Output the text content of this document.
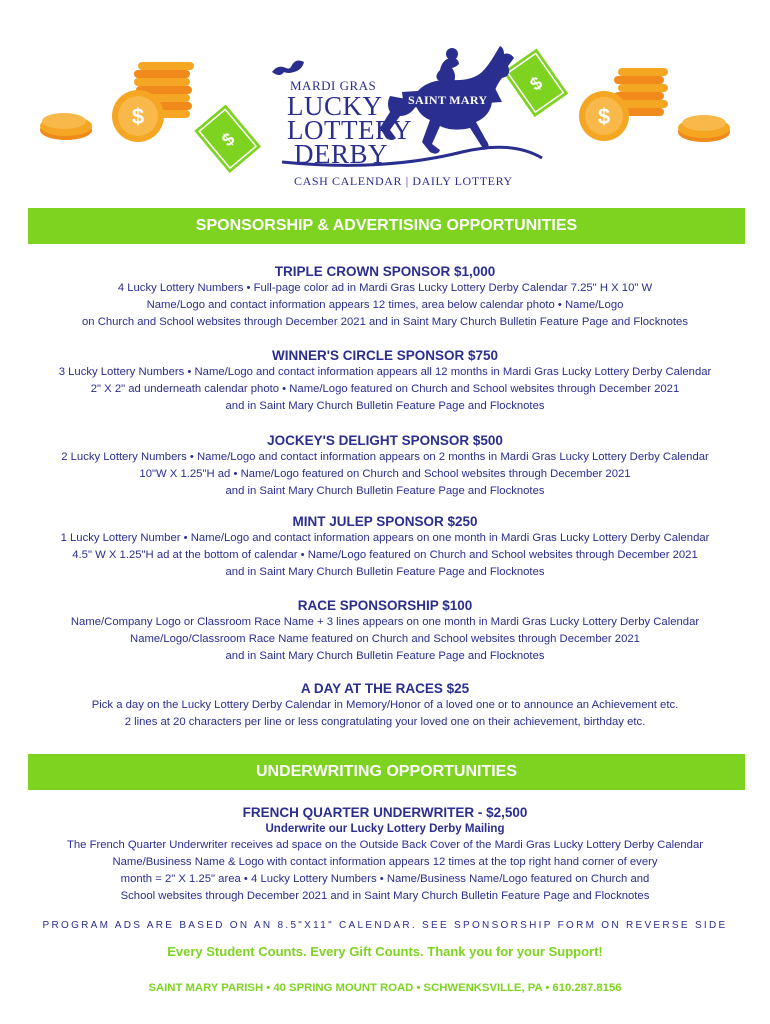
$
$
$
$
MARDI GRAS
LUCKY
LOTTERY
DERBY
SAINT MARY
CASH CALENDAR | DAILY LOTTERY
SPONSORSHIP & ADVERTISING OPPORTUNITIES

TRIPLE CROWN SPONSOR $1,000

4 Lucky Lottery Numbers • Full-page color ad in Mardi Gras Lucky Lottery Derby Calendar 7.25" H X 10" W

Name/Logo and contact information appears 12 times, area below calendar photo • Name/Logo

on Church and School websites through December 2021 and in Saint Mary Church Bulletin Feature Page and Flocknotes

WINNER'S CIRCLE SPONSOR $750

3 Lucky Lottery Numbers • Name/Logo and contact information appears all 12 months in Mardi Gras Lucky Lottery Derby Calendar

2" X 2" ad underneath calendar photo • Name/Logo featured on Church and School websites through December 2021

and in Saint Mary Church Bulletin Feature Page and Flocknotes

JOCKEY'S DELIGHT SPONSOR $500

2 Lucky Lottery Numbers • Name/Logo and contact information appears on 2 months in Mardi Gras Lucky Lottery Derby Calendar

10"W X 1.25"H ad • Name/Logo featured on Church and School websites through December 2021

and in Saint Mary Church Bulletin Feature Page and Flocknotes

MINT JULEP SPONSOR $250

1 Lucky Lottery Number • Name/Logo and contact information appears on one month in Mardi Gras Lucky Lottery Derby Calendar

4.5" W X 1.25"H ad at the bottom of calendar • Name/Logo featured on Church and School websites through December 2021

and in Saint Mary Church Bulletin Feature Page and Flocknotes

RACE SPONSORSHIP $100

Name/Company Logo or Classroom Race Name + 3 lines appears on one month in Mardi Gras Lucky Lottery Derby Calendar

Name/Logo/Classroom Race Name featured on Church and School websites through December 2021

and in Saint Mary Church Bulletin Feature Page and Flocknotes

A DAY AT THE RACES $25

Pick a day on the Lucky Lottery Derby Calendar in Memory/Honor of a loved one or to announce an Achievement etc.

2 lines at 20 characters per line or less congratulating your loved one on their achievement, birthday etc.

UNDERWRITING OPPORTUNITIES

FRENCH QUARTER UNDERWRITER - $2,500

Underwrite our Lucky Lottery Derby Mailing

The French Quarter Underwriter receives ad space on the Outside Back Cover of the Mardi Gras Lucky Lottery Derby Calendar

Name/Business Name & Logo with contact information appears 12 times at the top right hand corner of every

month = 2" X 1.25" area • 4 Lucky Lottery Numbers • Name/Business Name/Logo featured on Church and

School websites through December 2021 and in Saint Mary Church Bulletin Feature Page and Flocknotes

PROGRAM ADS ARE BASED ON AN 8.5"X11" CALENDAR. SEE SPONSORSHIP FORM ON REVERSE SIDE
Every Student Counts. Every Gift Counts. Thank you for your Support!
SAINT MARY PARISH • 40 SPRING MOUNT ROAD • SCHWENKSVILLE, PA • 610.287.8156
